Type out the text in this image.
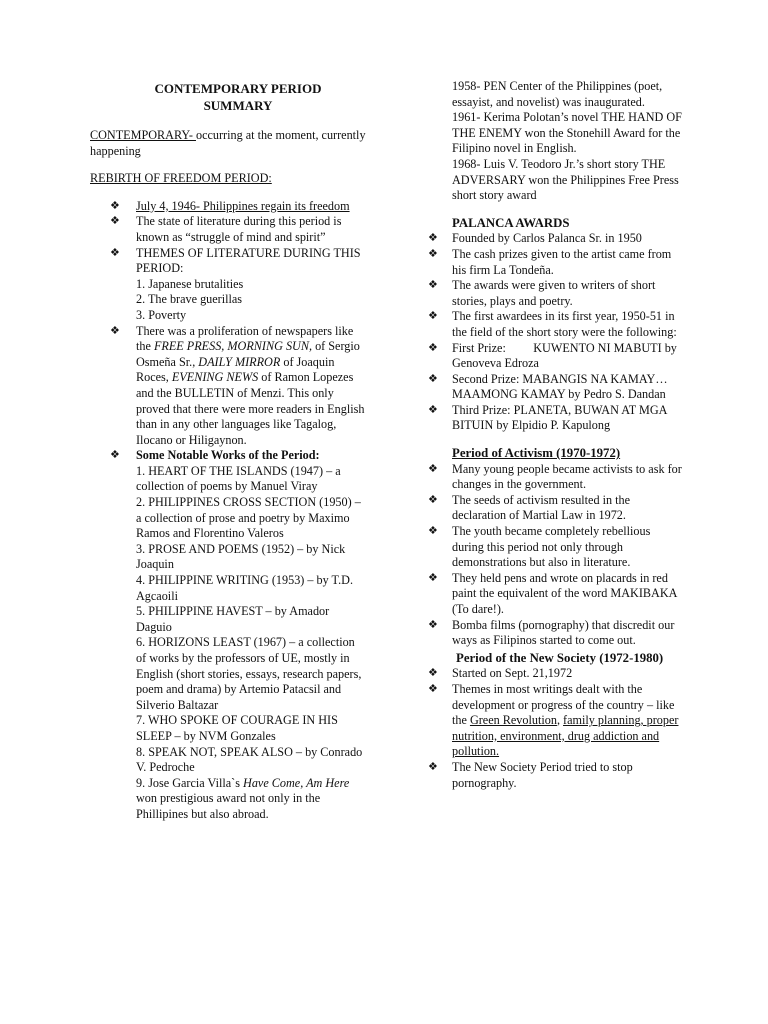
CONTEMPORARY PERIOD
SUMMARY

CONTEMPORARY- occurring at the moment, currently happening

REBIRTH OF FREEDOM PERIOD:

❖ July 4, 1946- Philippines regain its freedom
❖ The state of literature during this period is known as “struggle of mind and spirit”
❖ THEMES OF LITERATURE DURING THIS PERIOD:
1. Japanese brutalities
2. The brave guerillas
3. Poverty
❖ There was a proliferation of newspapers like the FREE PRESS, MORNING SUN, of Sergio Osmeña Sr., DAILY MIRROR of Joaquin Roces, EVENING NEWS of Ramon Lopezes and the BULLETIN of Menzi. This only proved that there were more readers in English than in any other languages like Tagalog, Ilocano or Hiligaynon.
❖ Some Notable Works of the Period:
1. HEART OF THE ISLANDS (1947) – a collection of poems by Manuel Viray
2. PHILIPPINES CROSS SECTION (1950) – a collection of prose and poetry by Maximo Ramos and Florentino Valeros
3. PROSE AND POEMS (1952) – by Nick Joaquin
4. PHILIPPINE WRITING (1953) – by T.D. Agcaoili
5. PHILIPPINE HAVEST – by Amador Daguio
6. HORIZONS LEAST (1967) – a collection of works by the professors of UE, mostly in English (short stories, essays, research papers, poem and drama) by Artemio Patacsil and Silverio Baltazar
7. WHO SPOKE OF COURAGE IN HIS SLEEP – by NVM Gonzales
8. SPEAK NOT, SPEAK ALSO – by Conrado V. Pedroche
9. Jose Garcia Villa`s Have Come, Am Here won prestigious award not only in the Phillipines but also abroad.

1958- PEN Center of the Philippines (poet, essayist, and novelist) was inaugurated.

1961- Kerima Polotan’s novel THE HAND OF THE ENEMY won the Stonehill Award for the Filipino novel in English.

1968- Luis V. Teodoro Jr.’s short story THE ADVERSARY won the Philippines Free Press short story award

PALANCA AWARDS

❖ Founded by Carlos Palanca Sr. in 1950
❖ The cash prizes given to the artist came from his firm La Tondeña.
❖ The awards were given to writers of short stories, plays and poetry.
❖ The first awardees in its first year, 1950-51 in the field of the short story were the following:
❖ First Prize:         KUWENTO NI MABUTI by Genoveva Edroza
❖ Second Prize: MABANGIS NA KAMAY…MAAMONG KAMAY by Pedro S. Dandan
❖ Third Prize: PLANETA, BUWAN AT MGA BITUIN by Elpidio P. Kapulong

Period of Activism (1970-1972)

❖ Many young people became activists to ask for changes in the government.
❖ The seeds of activism resulted in the declaration of Martial Law in 1972.
❖ The youth became completely rebellious during this period not only through demonstrations but also in literature.
❖ They held pens and wrote on placards in red paint the equivalent of the word MAKIBAKA (To dare!).
❖ Bomba films (pornography) that discredit our ways as Filipinos started to come out.

Period of the New Society (1972-1980)

❖ Started on Sept. 21,1972
❖ Themes in most writings dealt with the development or progress of the country – like the Green Revolution, family planning, proper nutrition, environment, drug addiction and pollution.
❖ The New Society Period tried to stop pornography.
